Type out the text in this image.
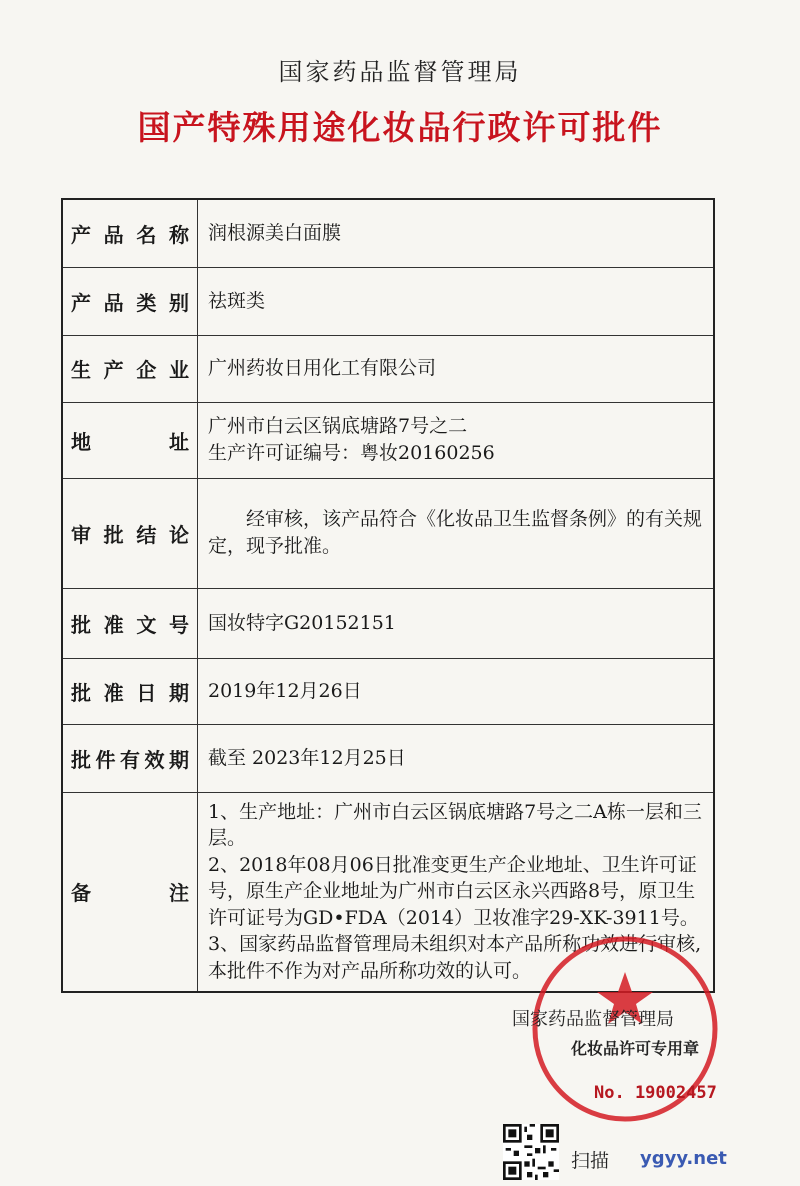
国家药品监督管理局
国产特殊用途化妆品行政许可批件
产品名称	润根源美白面膜
产品类别	祛斑类
生产企业	广州药妆日用化工有限公司
地址	广州市白云区锅底塘路7号之二
生产许可证编号：粤妆20160256

审批结论	经审核，该产品符合《化妆品卫生监督条例》的有关规定，现予批准。
批准文号	国妆特字G20152151
批准日期	2019年12月26日
批件有效期	截至 2023年12月25日
备注	1、生产地址：广州市白云区锅底塘路7号之二A栋一层和三层。
2、2018年08月06日批准变更生产企业地址、卫生许可证号，原生产企业地址为广州市白云区永兴西路8号，原卫生许可证号为GD•FDA（2014）卫妆准字29-XK-3911号。
3、国家药品监督管理局未组织对本产品所称功效进行审核,本批件不作为对产品所称功效的认可。
国家药品监督管理局
化妆品许可专用章
No. 19002457
扫描 ygyy.net
